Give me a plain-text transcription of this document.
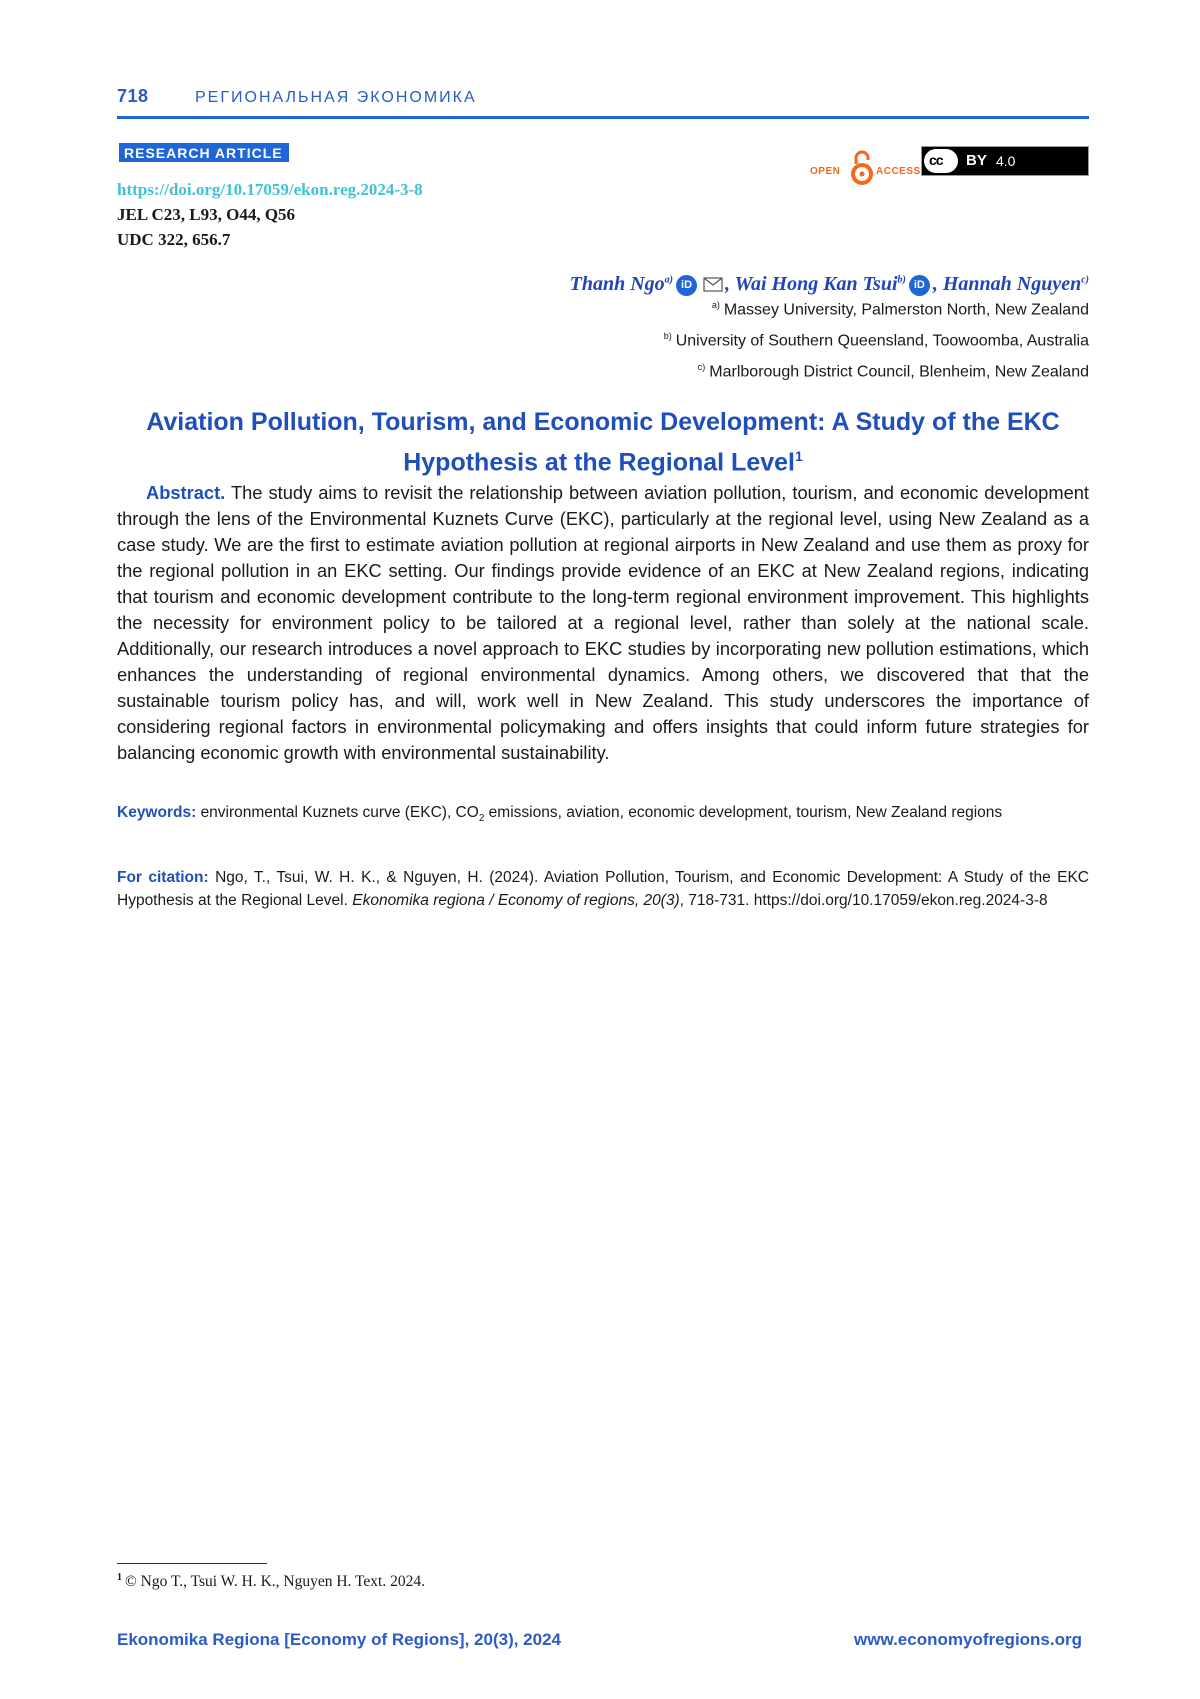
718	РЕГИОНАЛЬНАЯ ЭКОНОМИКА
RESEARCH ARTICLE
https://doi.org/10.17059/ekon.reg.2024-3-8
JEL C23, L93, O44, Q56
UDC 322, 656.7
OPEN	ACCESS
cc BY 4.0
Thanh Ngoa) iD , Wai Hong Kan Tsuib) iD , Hannah Nguyenc)
a) Massey University, Palmerston North, New Zealand
b) University of Southern Queensland, Toowoomba, Australia
c) Marlborough District Council, Blenheim, New Zealand
Aviation Pollution, Tourism, and Economic Development: A Study of the EKC
Hypothesis at the Regional Level1
Abstract. The study aims to revisit the relationship between aviation pollution, tourism, and economic development through the lens of the Environmental Kuznets Curve (EKC), particularly at the regional level, using New Zealand as a case study. We are the first to estimate aviation pollution at regional airports in New Zealand and use them as proxy for the regional pollution in an EKC setting. Our findings provide evidence of an EKC at New Zealand regions, indicating that tourism and economic development contribute to the long-term regional environment improvement. This highlights the necessity for environment policy to be tailored at a regional level, rather than solely at the national scale. Additionally, our research introduces a novel approach to EKC studies by incorporating new pollution estimations, which enhances the understanding of regional environmental dynamics. Among others, we discovered that that the sustainable tourism policy has, and will, work well in New Zealand. This study underscores the importance of considering regional factors in environmental policymaking and offers insights that could inform future strategies for balancing economic growth with environmental sustainability.
Keywords: environmental Kuznets curve (EKC), CO2 emissions, aviation, economic development, tourism, New Zealand regions
For citation: Ngo, T., Tsui, W. H. K., & Nguyen, H. (2024). Aviation Pollution, Tourism, and Economic Development: A Study of the EKC Hypothesis at the Regional Level. Ekonomika regiona / Economy of regions, 20(3), 718-731. https://doi.org/10.17059/ekon.reg.2024-3-8
1 © Ngo T., Tsui W. H. K., Nguyen H. Text. 2024.
Ekonomika Regiona [Economy of Regions], 20(3), 2024	www.economyofregions.org
